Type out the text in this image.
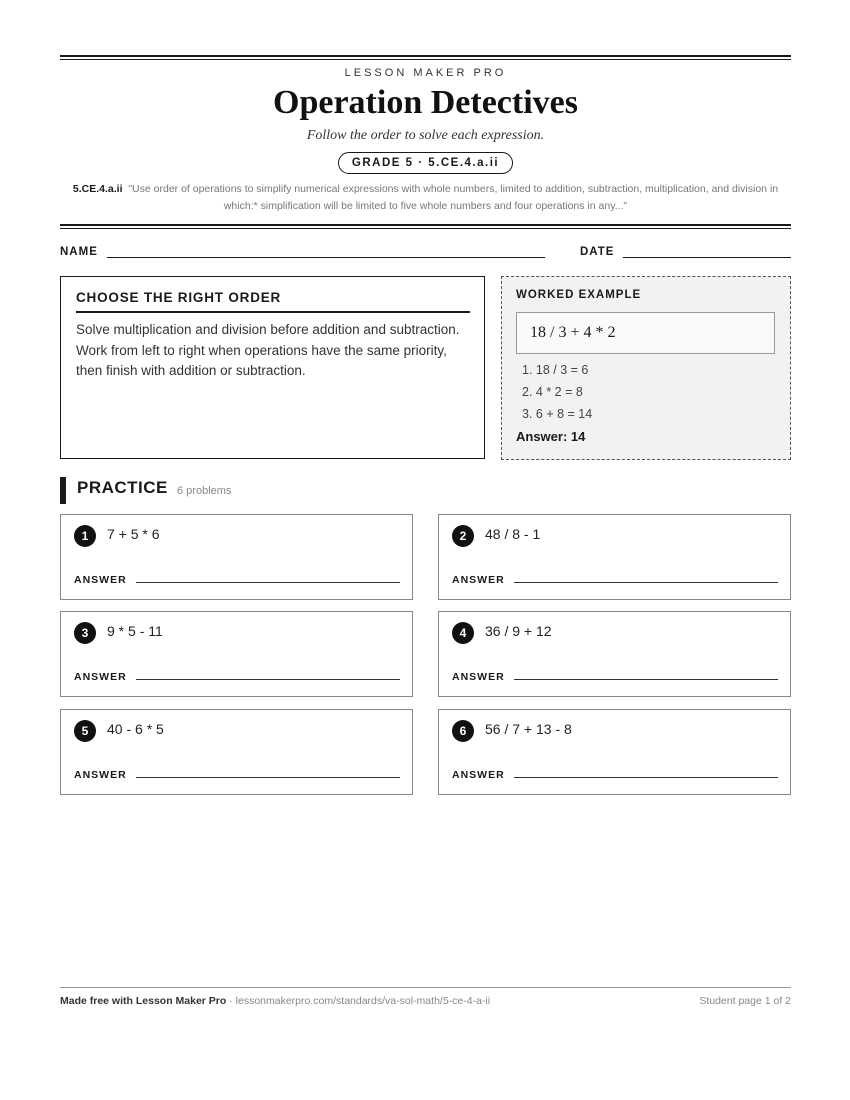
LESSON MAKER PRO
Operation Detectives
Follow the order to solve each expression.
GRADE 5 · 5.CE.4.a.ii
5.CE.4.a.ii "Use order of operations to simplify numerical expressions with whole numbers, limited to addition, subtraction, multiplication, and division in which:* simplification will be limited to five whole numbers and four operations in any..."
NAME	DATE
CHOOSE THE RIGHT ORDER
Solve multiplication and division before addition and subtraction. Work from left to right when operations have the same priority, then finish with addition or subtraction.
WORKED EXAMPLE
18 / 3 + 4 * 2
1. 18 / 3 = 6
2. 4 * 2 = 8
3. 6 + 8 = 14
Answer: 14
PRACTICE 6 problems
1	7 + 5 * 6
ANSWER
2	48 / 8 - 1
ANSWER
3	9 * 5 - 11
ANSWER
4	36 / 9 + 12
ANSWER
5	40 - 6 * 5
ANSWER
6	56 / 7 + 13 - 8
ANSWER
Made free with Lesson Maker Pro · lessonmakerpro.com/standards/va-sol-math/5-ce-4-a-ii	Student page 1 of 2
